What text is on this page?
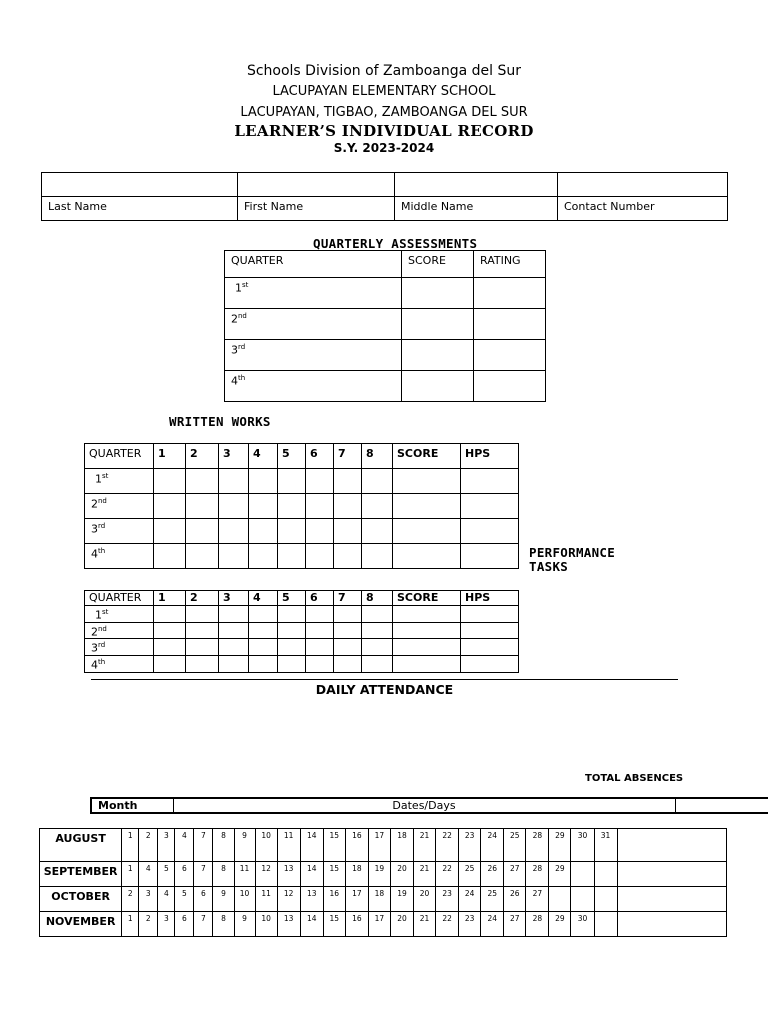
Schools Division of Zamboanga del Sur
LACUPAYAN ELEMENTARY SCHOOL
LACUPAYAN, TIGBAO, ZAMBOANGA DEL SUR
LEARNER’S INDIVIDUAL RECORD
S.Y. 2023-2024

Last Name	First Name	Middle Name	Contact Number
QUARTERLY ASSESSMENTS
QUARTER	SCORE	RATING
1st		
2nd		
3rd		
4th		
WRITTEN WORKS
QUARTER	1	2	3	4	5	6	7	8	SCORE	HPS
1st										
2nd										
3rd										
4th											PERFORMANCE
TASKS
QUARTER	1	2	3	4	5	6	7	8	SCORE	HPS
1st										
2nd										
3rd										
4th										
DAILY ATTENDANCE
TOTAL ABSENCES
Month	Dates/Days	
AUGUST	1	2	3	4	7	8	9	10	11	14	15	16	17	18	21	22	23	24	25	28	29	30	31	
SEPTEMBER	1	4	5	6	7	8	11	12	13	14	15	18	19	20	21	22	25	26	27	28	29			
OCTOBER	2	3	4	5	6	9	10	11	12	13	16	17	18	19	20	23	24	25	26	27				
NOVEMBER	1	2	3	6	7	8	9	10	13	14	15	16	17	20	21	22	23	24	27	28	29	30		
